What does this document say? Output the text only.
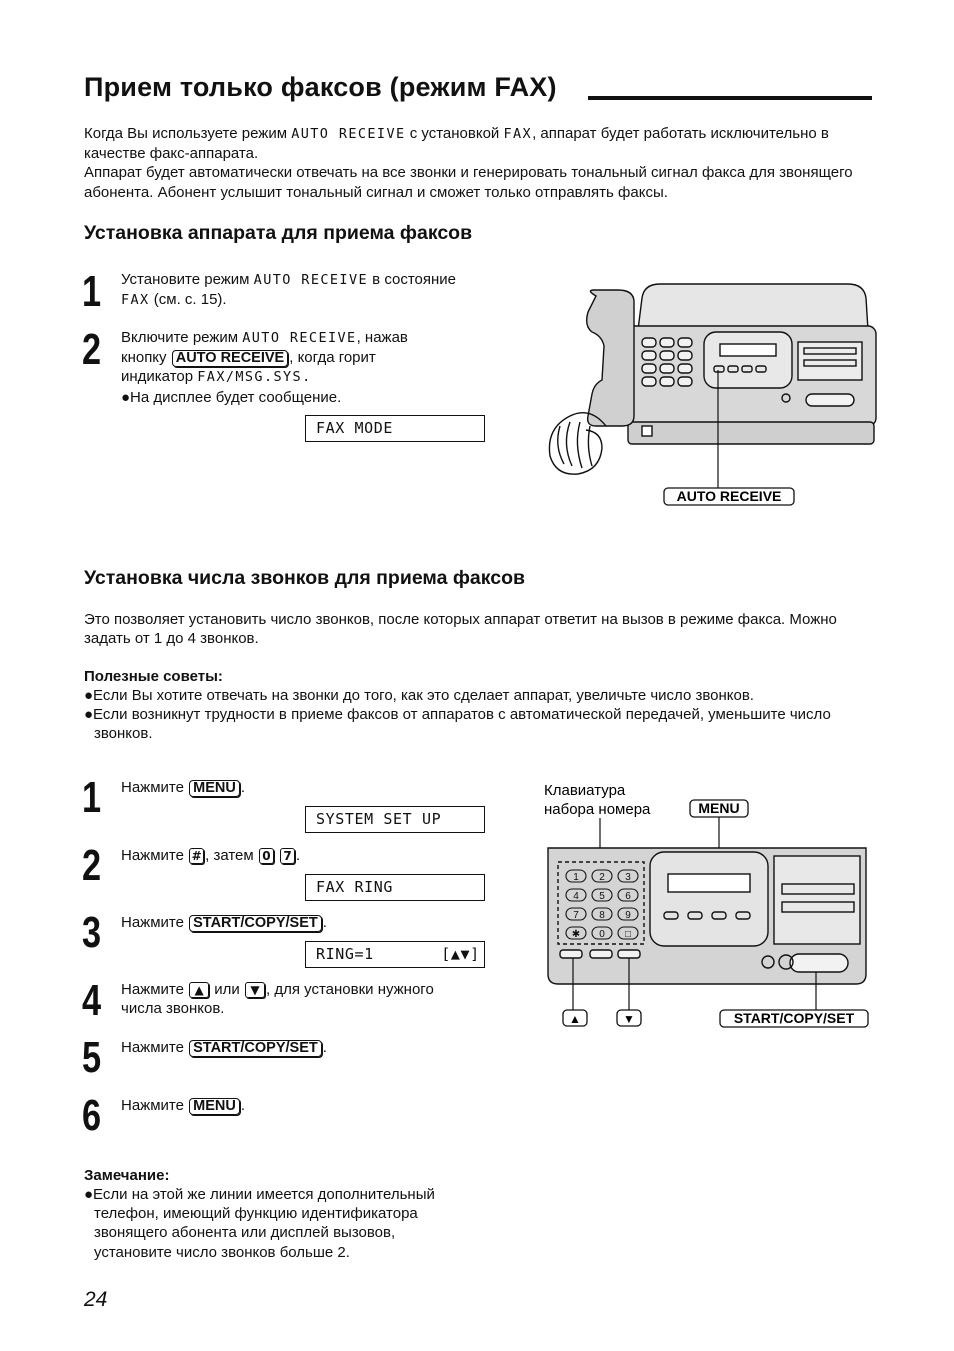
Прием только факсов (режим FAX)
Когда Вы используете режим AUTO RECEIVE с установкой FAX, аппарат будет работать исключительно в качестве факс-аппарата.
Аппарат будет автоматически отвечать на все звонки и генерировать тональный сигнал факса для звонящего абонента. Абонент услышит тональный сигнал и сможет только отправлять факсы.
Установка аппарата для приема факсов
1 Установите режим AUTO RECEIVE в состояние
FAX (см. с. 15).
2 Включите режим AUTO RECEIVE, нажав
кнопку AUTO RECEIVE , когда горит
индикатор FAX/MSG.SYS.
●На дисплее будет сообщение.
FAX MODE
AUTO RECEIVE
Установка числа звонков для приема факсов
Это позволяет установить число звонков, после которых аппарат ответит на вызов в режиме факса. Можно задать от 1 до 4 звонков.
Полезные советы:
●Если Вы хотите отвечать на звонки до того, как это сделает аппарат, увеличьте число звонков.
●Если возникнут трудности в приеме факсов от аппаратов с автоматической передачей, уменьшите число звонков.
1 Нажмите MENU .
SYSTEM SET UP
2 Нажмите # , затем 0 7 .
FAX RING
3 Нажмите START/COPY/SET .
RING=1       [▲▼]
4 Нажмите ▲ или ▼ , для установки нужного
числа звонков.
5 Нажмите START/COPY/SET .
6 Нажмите MENU .
Клавиатура
набора номера	MENU
1 2 3
4 5 6
7 8 9
✱ 0 □
▲	▼	START/COPY/SET
Замечание:
●Если на этой же линии имеется дополнительный
телефон, имеющий функцию идентификатора звонящего абонента или дисплей вызовов, установите число звонков больше 2.
24
